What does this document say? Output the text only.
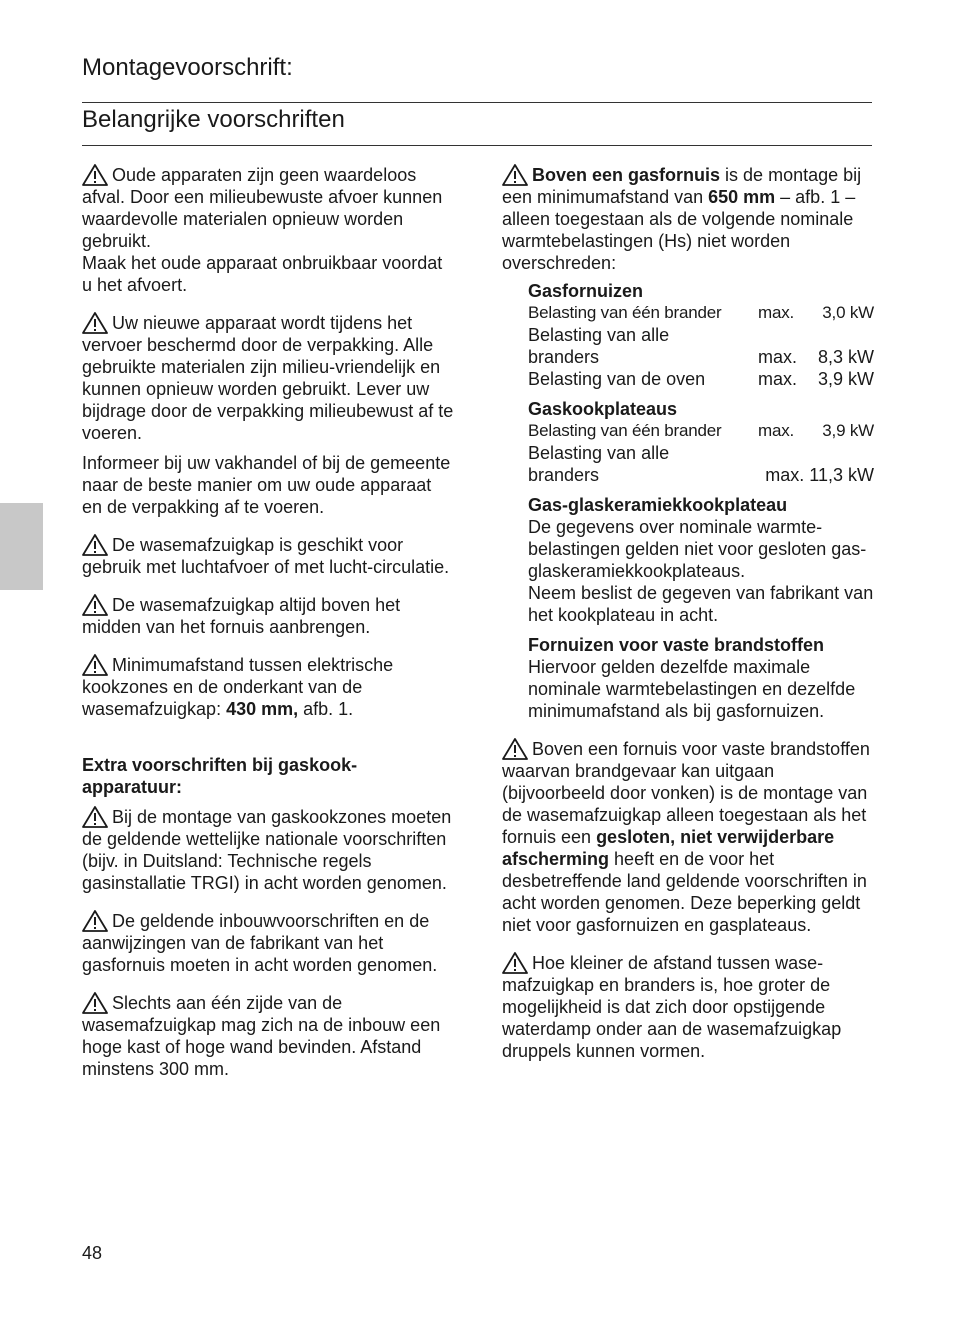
Montagevoorschrift:
Belangrijke voorschriften
Oude apparaten zijn geen waardeloos afval. Door een milieubewuste afvoer kunnen waardevolle materialen opnieuw worden gebruikt.
Maak het oude apparaat onbruikbaar voordat u het afvoert.
Uw nieuwe apparaat wordt tijdens het vervoer beschermd door de verpakking. Alle gebruikte materialen zijn milieu-vriendelijk en kunnen opnieuw worden gebruikt. Lever uw bijdrage door de verpakking milieubewust af te voeren.
Informeer bij uw vakhandel of bij de gemeente naar de beste manier om uw oude apparaat en de verpakking af te voeren.
De wasemafzuigkap is geschikt voor gebruik met luchtafvoer of met lucht-circulatie.
De wasemafzuigkap altijd boven het midden van het fornuis aanbrengen.
Minimumafstand tussen elektrische kookzones en de onderkant van de wasemafzuigkap: 430 mm, afb. 1.
Extra voorschriften bij gaskook-apparatuur:
Bij de montage van gaskookzones moeten de geldende wettelijke nationale voorschriften (bijv. in Duitsland: Technische regels gasinstallatie TRGI) in acht worden genomen.
De geldende inbouwvoorschriften en de aanwijzingen van de fabrikant van het gasfornuis moeten in acht worden genomen.
Slechts aan één zijde van de wasemafzuigkap mag zich na de inbouw een hoge kast of hoge wand bevinden. Afstand minstens 300 mm.
Boven een gasfornuis is de montage bij een minimumafstand van 650 mm – afb. 1 – alleen toegestaan als de volgende nominale warmtebelastingen (Hs) niet worden overschreden:
Gasfornuizen
Belasting van één brander	max.	3,0 kW
Belasting van alle
branders	max.	8,3 kW
Belasting van de oven	max.	3,9 kW
Gaskookplateaus
Belasting van één brander	max.	3,9 kW
Belasting van alle
branders	max. 11,3 kW
Gas-glaskeramiekkookplateau
De gegevens over nominale warmte-belastingen gelden niet voor gesloten gas-glaskeramiekkookplateaus.
Neem beslist de gegeven van fabrikant van het kookplateau in acht.
Fornuizen voor vaste brandstoffen
Hiervoor gelden dezelfde maximale nominale warmtebelastingen en dezelfde minimumafstand als bij gasfornuizen.
Boven een fornuis voor vaste brandstoffen waarvan brandgevaar kan uitgaan (bijvoorbeeld door vonken) is de montage van de wasemafzuigkap alleen toegestaan als het fornuis een gesloten, niet verwijderbare afscherming heeft en de voor het desbetreffende land geldende voorschriften in acht worden genomen. Deze beperking geldt niet voor gasfornuizen en gasplateaus.
Hoe kleiner de afstand tussen wase-mafzuigkap en branders is, hoe groter de mogelijkheid is dat zich door opstijgende waterdamp onder aan de wasemafzuigkap druppels kunnen vormen.
48
